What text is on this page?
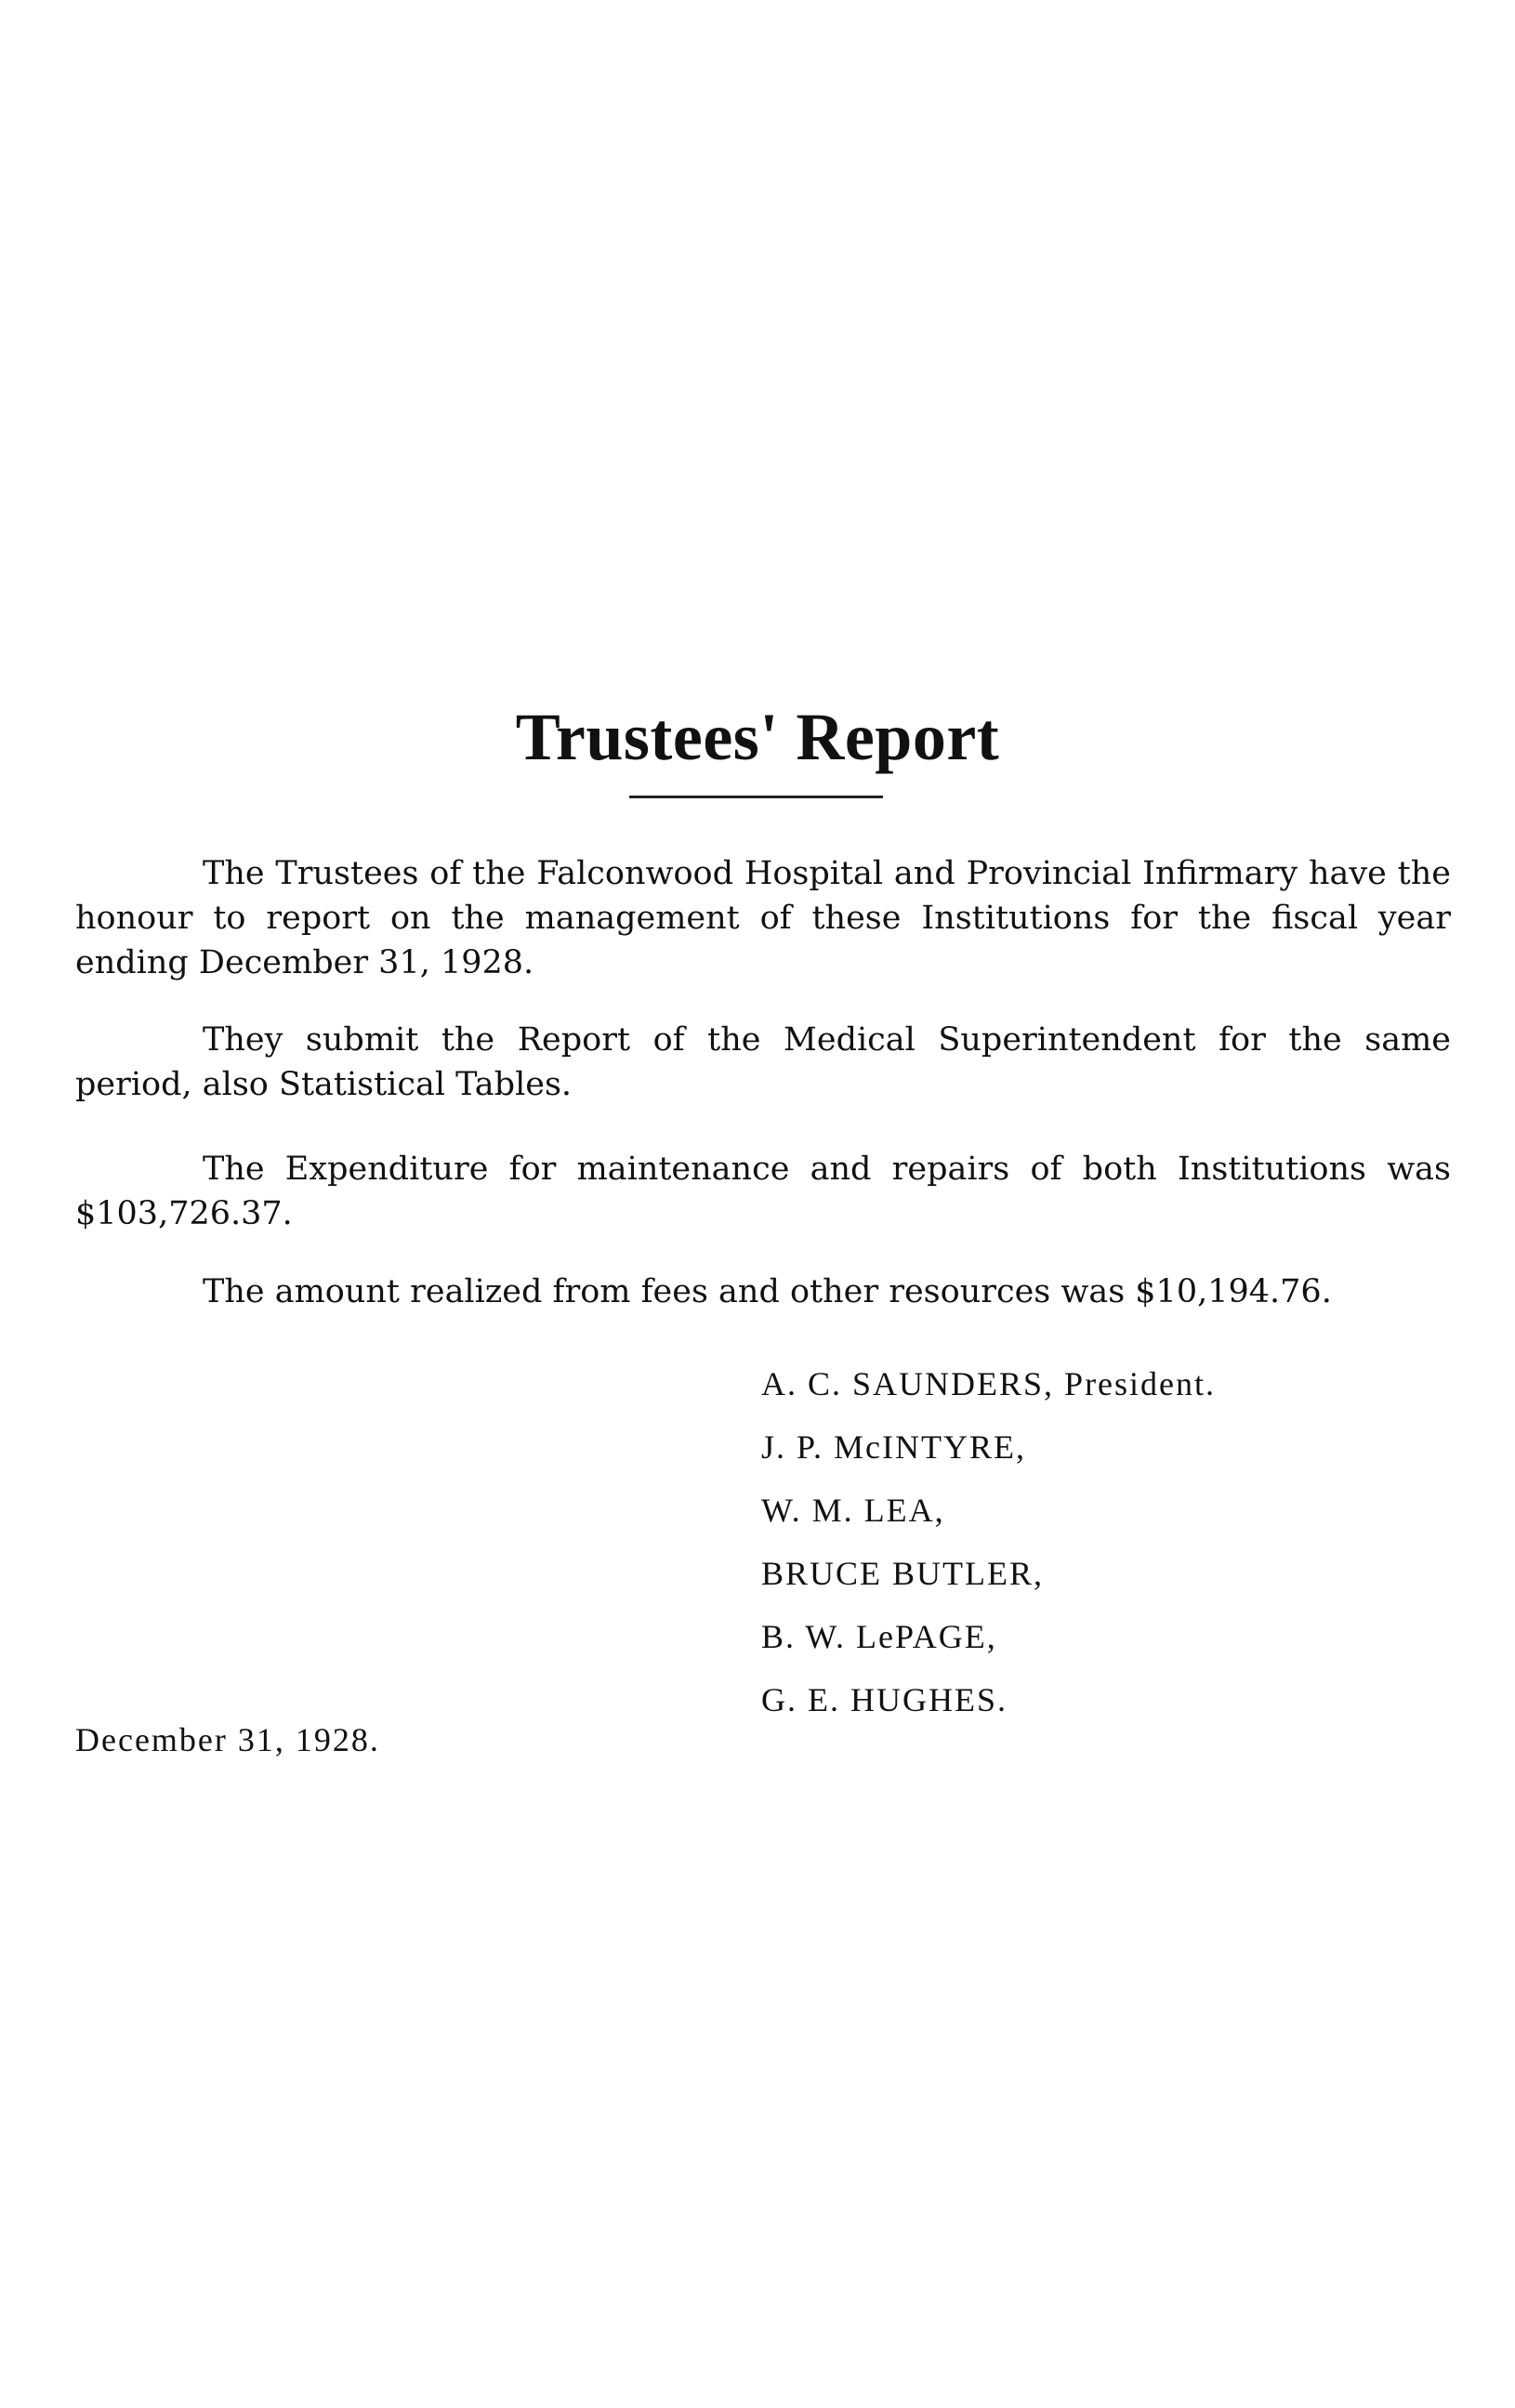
Trustees' Report

The Trustees of the Falconwood Hospital and Provincial Infirmary have the honour to report on the management of these Institutions for the fiscal year ending December 31, 1928.

They submit the Report of the Medical Superintendent for the same period, also Statistical Tables.

The Expenditure for maintenance and repairs of both Institutions was $103,726.37.

The amount realized from fees and other resources was $10,194.76.

A. C. SAUNDERS, President.
J. P. McINTYRE,
W. M. LEA,
BRUCE BUTLER,
B. W. LePAGE,
G. E. HUGHES.
December 31, 1928.
